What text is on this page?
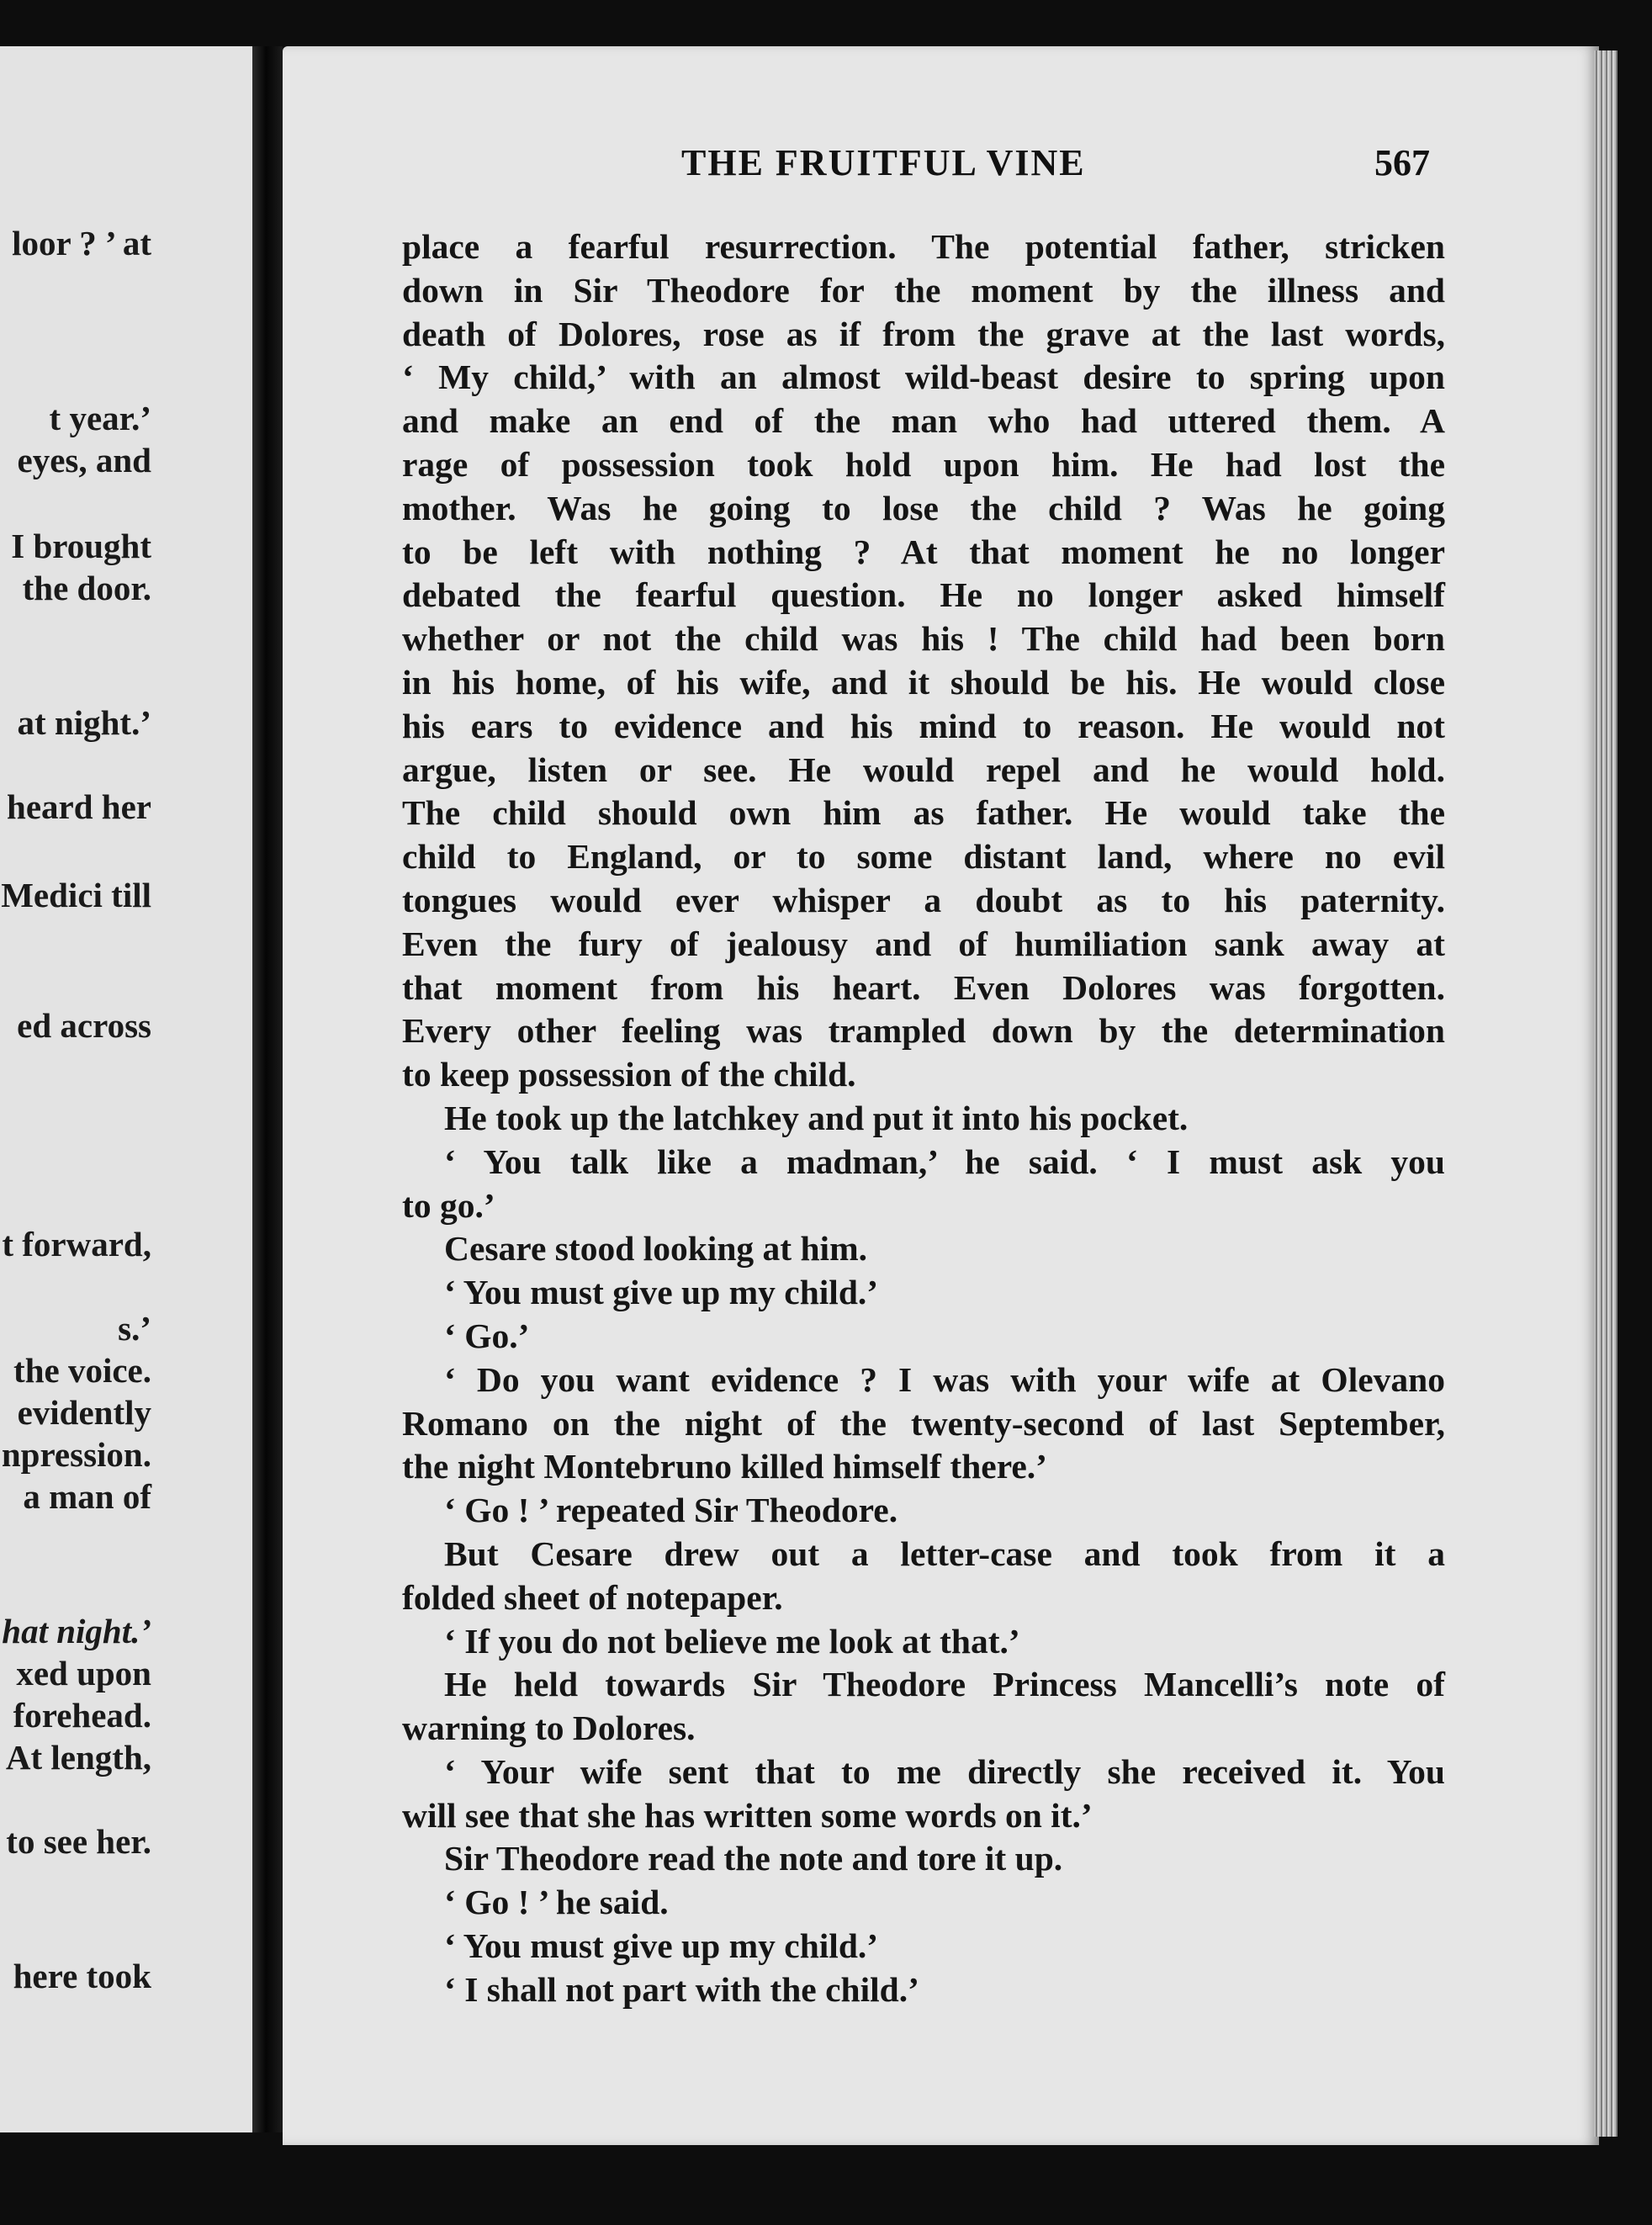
loor ? ’ at
t year.’
eyes, and
I brought
the door.
at night.’
heard her
Medici till
ed across
t forward,
s.’
the voice.
evidently
npression.
a man of
hat night.’
xed upon
forehead.
At length,
to see her.
here took
THE FRUITFUL VINE	567
place a fearful resurrection. The potential father, stricken
down in Sir Theodore for the moment by the illness and
death of Dolores, rose as if from the grave at the last words,
‘ My child,’ with an almost wild-beast desire to spring upon
and make an end of the man who had uttered them. A
rage of possession took hold upon him. He had lost the
mother. Was he going to lose the child ? Was he going
to be left with nothing ? At that moment he no longer
debated the fearful question. He no longer asked himself
whether or not the child was his ! The child had been born
in his home, of his wife, and it should be his. He would close
his ears to evidence and his mind to reason. He would not
argue, listen or see. He would repel and he would hold.
The child should own him as father. He would take the
child to England, or to some distant land, where no evil
tongues would ever whisper a doubt as to his paternity.
Even the fury of jealousy and of humiliation sank away at
that moment from his heart. Even Dolores was forgotten.
Every other feeling was trampled down by the determination
to keep possession of the child.
He took up the latchkey and put it into his pocket.
‘ You talk like a madman,’ he said. ‘ I must ask you
to go.’
Cesare stood looking at him.
‘ You must give up my child.’
‘ Go.’
‘ Do you want evidence ? I was with your wife at Olevano
Romano on the night of the twenty-second of last September,
the night Montebruno killed himself there.’
‘ Go ! ’ repeated Sir Theodore.
But Cesare drew out a letter-case and took from it a
folded sheet of notepaper.
‘ If you do not believe me look at that.’
He held towards Sir Theodore Princess Mancelli’s note of
warning to Dolores.
‘ Your wife sent that to me directly she received it. You
will see that she has written some words on it.’
Sir Theodore read the note and tore it up.
‘ Go ! ’ he said.
‘ You must give up my child.’
‘ I shall not part with the child.’
